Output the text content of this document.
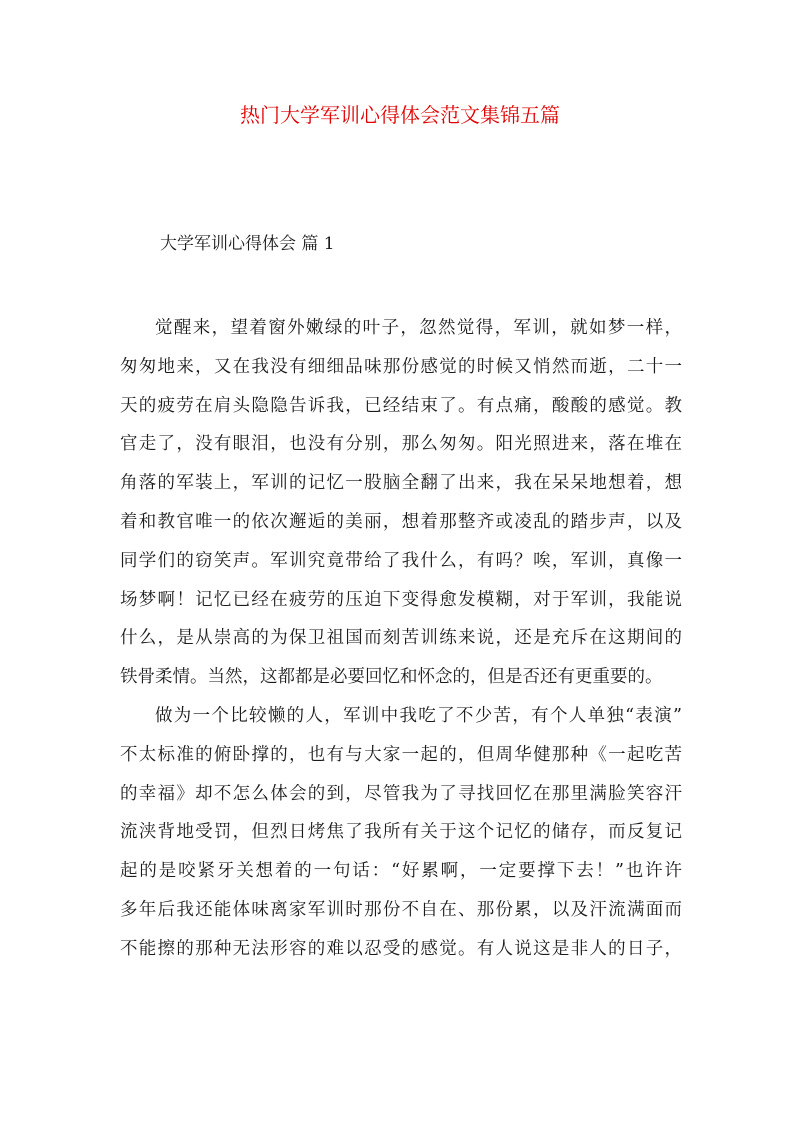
热门大学军训心得体会范文集锦五篇
大学军训心得体会 篇 1
觉醒来，望着窗外嫩绿的叶子，忽然觉得，军训，就如梦一样，
匆匆地来，又在我没有细细品味那份感觉的时候又悄然而逝，二十一
天的疲劳在肩头隐隐告诉我，已经结束了。有点痛，酸酸的感觉。教
官走了，没有眼泪，也没有分别，那么匆匆。阳光照进来，落在堆在
角落的军装上，军训的记忆一股脑全翻了出来，我在呆呆地想着，想
着和教官唯一的依次邂逅的美丽，想着那整齐或凌乱的踏步声，以及
同学们的窃笑声。军训究竟带给了我什么，有吗？唉，军训，真像一
场梦啊！记忆已经在疲劳的压迫下变得愈发模糊，对于军训，我能说
什么，是从崇高的为保卫祖国而刻苦训练来说，还是充斥在这期间的
铁骨柔情。当然，这都都是必要回忆和怀念的，但是否还有更重要的。
做为一个比较懒的人，军训中我吃了不少苦，有个人单独“表演”
不太标准的俯卧撑的，也有与大家一起的，但周华健那种《一起吃苦
的幸福》却不怎么体会的到，尽管我为了寻找回忆在那里满脸笑容汗
流浃背地受罚，但烈日烤焦了我所有关于这个记忆的储存，而反复记
起的是咬紧牙关想着的一句话：“好累啊，一定要撑下去！”也许许
多年后我还能体味离家军训时那份不自在、那份累，以及汗流满面而
不能擦的那种无法形容的难以忍受的感觉。有人说这是非人的日子，
